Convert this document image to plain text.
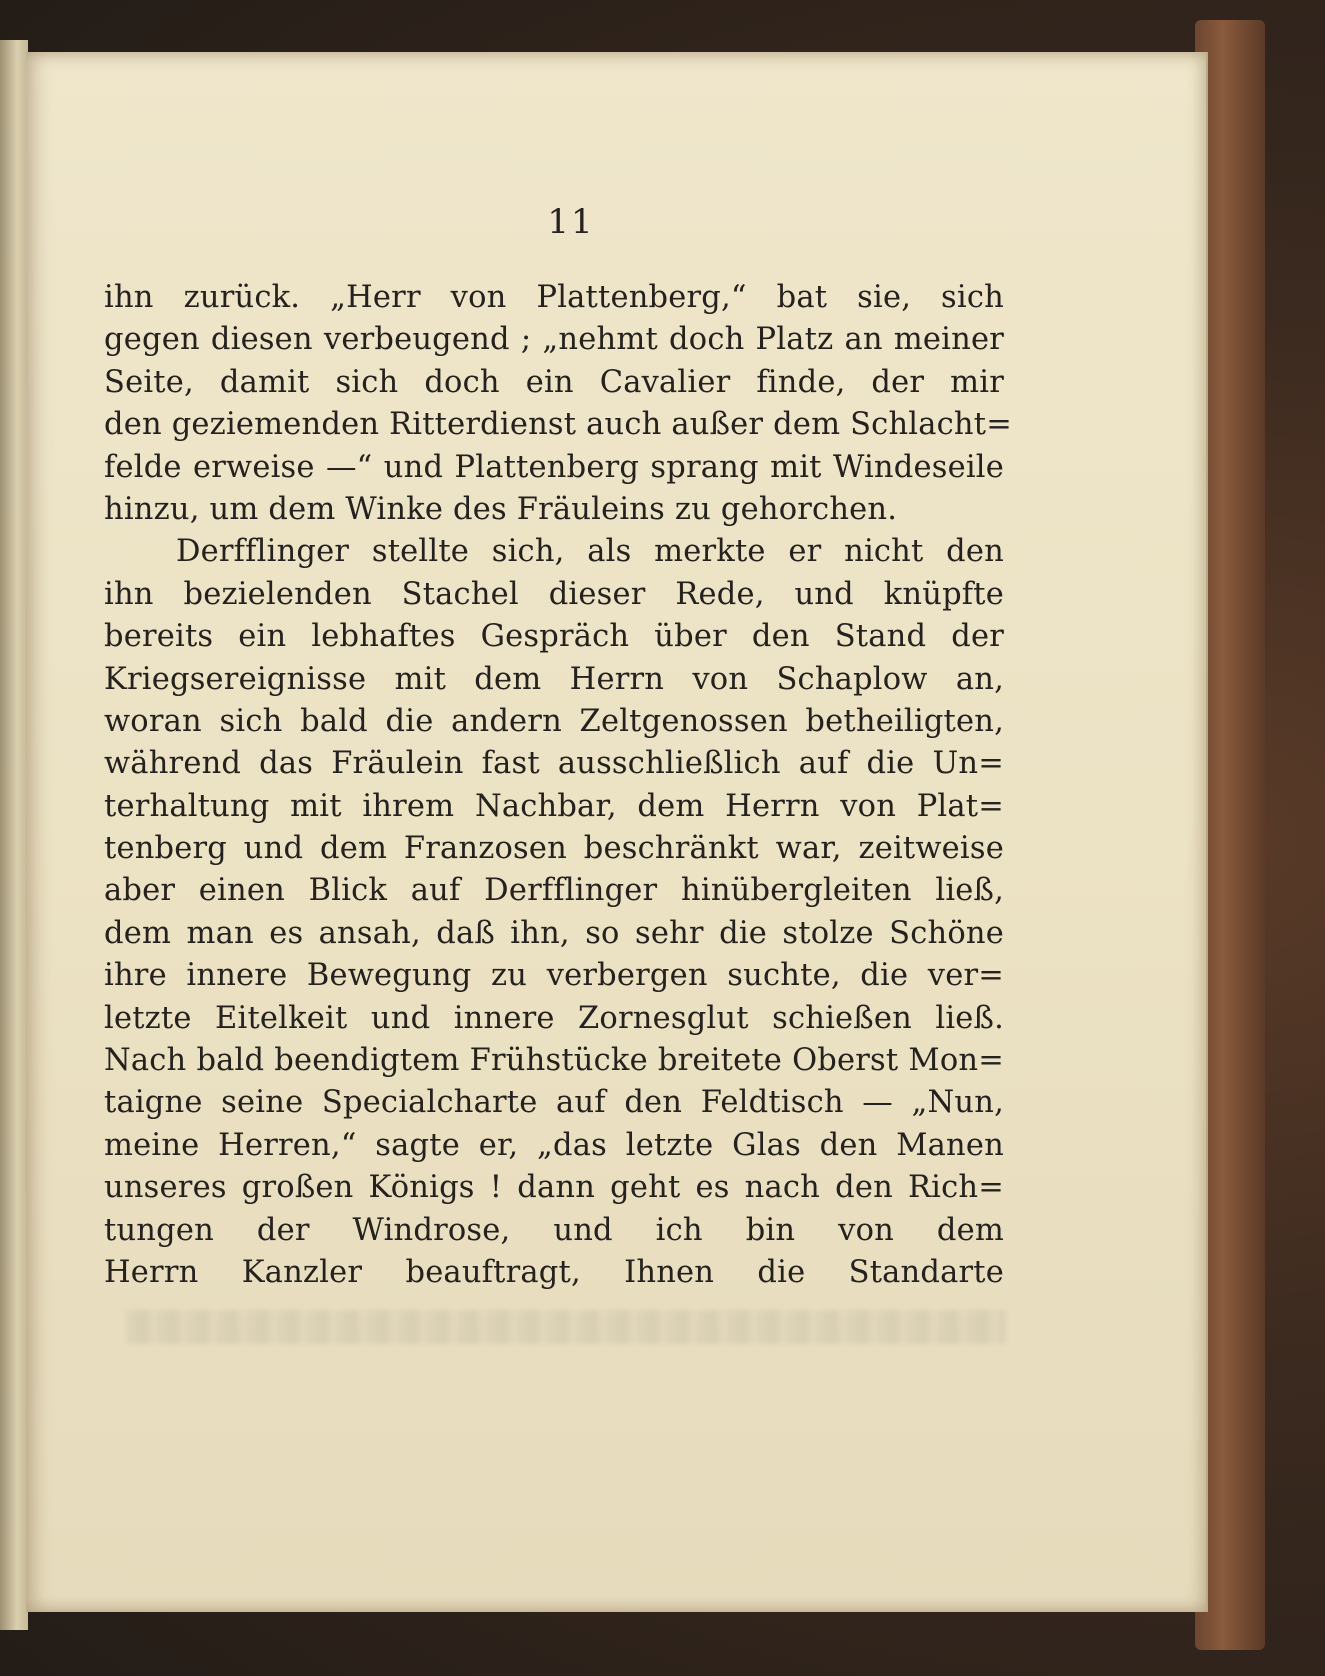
11
ihn zurück. „Herr von Plattenberg,“ bat sie, sich
gegen diesen verbeugend ; „nehmt doch Platz an meiner
Seite, damit sich doch ein Cavalier finde, der mir
den geziemenden Ritterdienst auch außer dem Schlacht=
felde erweise —“ und Plattenberg sprang mit Windeseile
hinzu, um dem Winke des Fräuleins zu gehorchen.
Derfflinger stellte sich, als merkte er nicht den
ihn bezielenden Stachel dieser Rede, und knüpfte
bereits ein lebhaftes Gespräch über den Stand der
Kriegsereignisse mit dem Herrn von Schaplow an,
woran sich bald die andern Zeltgenossen betheiligten,
während das Fräulein fast ausschließlich auf die Un=
terhaltung mit ihrem Nachbar, dem Herrn von Plat=
tenberg und dem Franzosen beschränkt war, zeitweise
aber einen Blick auf Derfflinger hinübergleiten ließ,
dem man es ansah, daß ihn, so sehr die stolze Schöne
ihre innere Bewegung zu verbergen suchte, die ver=
letzte Eitelkeit und innere Zornesglut schießen ließ.
Nach bald beendigtem Frühstücke breitete Oberst Mon=
taigne seine Specialcharte auf den Feldtisch — „Nun,
meine Herren,“ sagte er, „das letzte Glas den Manen
unseres großen Königs ! dann geht es nach den Rich=
tungen der Windrose, und ich bin von dem
Herrn Kanzler beauftragt, Ihnen die Standarte
